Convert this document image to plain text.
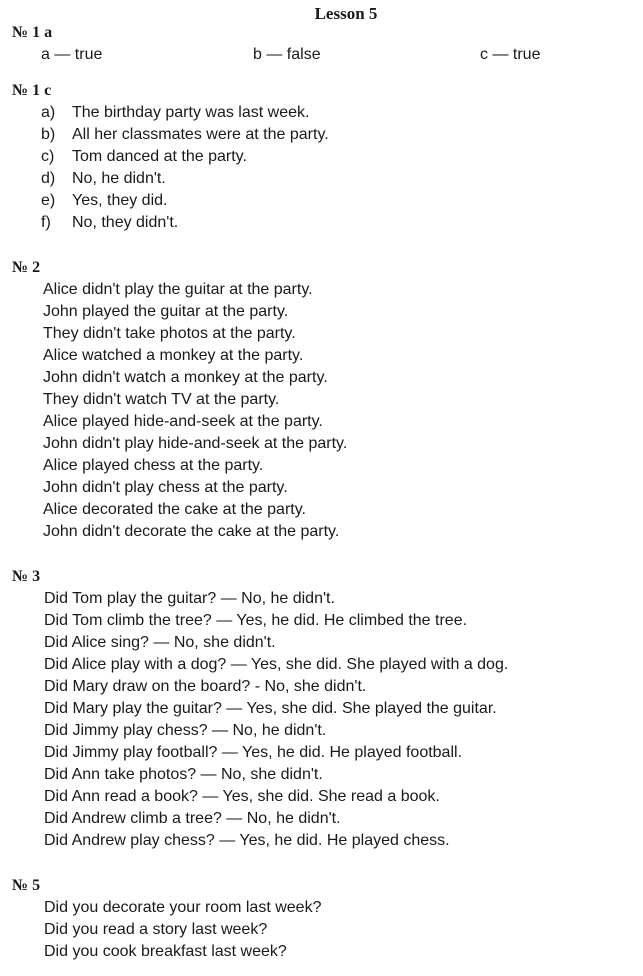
Lesson 5
№ 1 a
a — true	b — false	c — true
№ 1 c
a) The birthday party was last week.
b) All her classmates were at the party.
c) Tom danced at the party.
d) No, he didn't.
e) Yes, they did.
f) No, they didn't.
№ 2
Alice didn't play the guitar at the party.
John played the guitar at the party.
They didn't take photos at the party.
Alice watched a monkey at the party.
John didn't watch a monkey at the party.
They didn't watch TV at the party.
Alice played hide-and-seek at the party.
John didn't play hide-and-seek at the party.
Alice played chess at the party.
John didn't play chess at the party.
Alice decorated the cake at the party.
John didn't decorate the cake at the party.
№ 3
Did Tom play the guitar? — No, he didn't.
Did Tom climb the tree? — Yes, he did. He climbed the tree.
Did Alice sing? — No, she didn't.
Did Alice play with a dog? — Yes, she did. She played with a dog.
Did Mary draw on the board? - No, she didn't.
Did Mary play the guitar? — Yes, she did. She played the guitar.
Did Jimmy play chess? — No, he didn't.
Did Jimmy play football? — Yes, he did. He played football.
Did Ann take photos? — No, she didn't.
Did Ann read a book? — Yes, she did. She read a book.
Did Andrew climb a tree? — No, he didn't.
Did Andrew play chess? — Yes, he did. He played chess.
№ 5
Did you decorate your room last week?
Did you read a story last week?
Did you cook breakfast last week?
